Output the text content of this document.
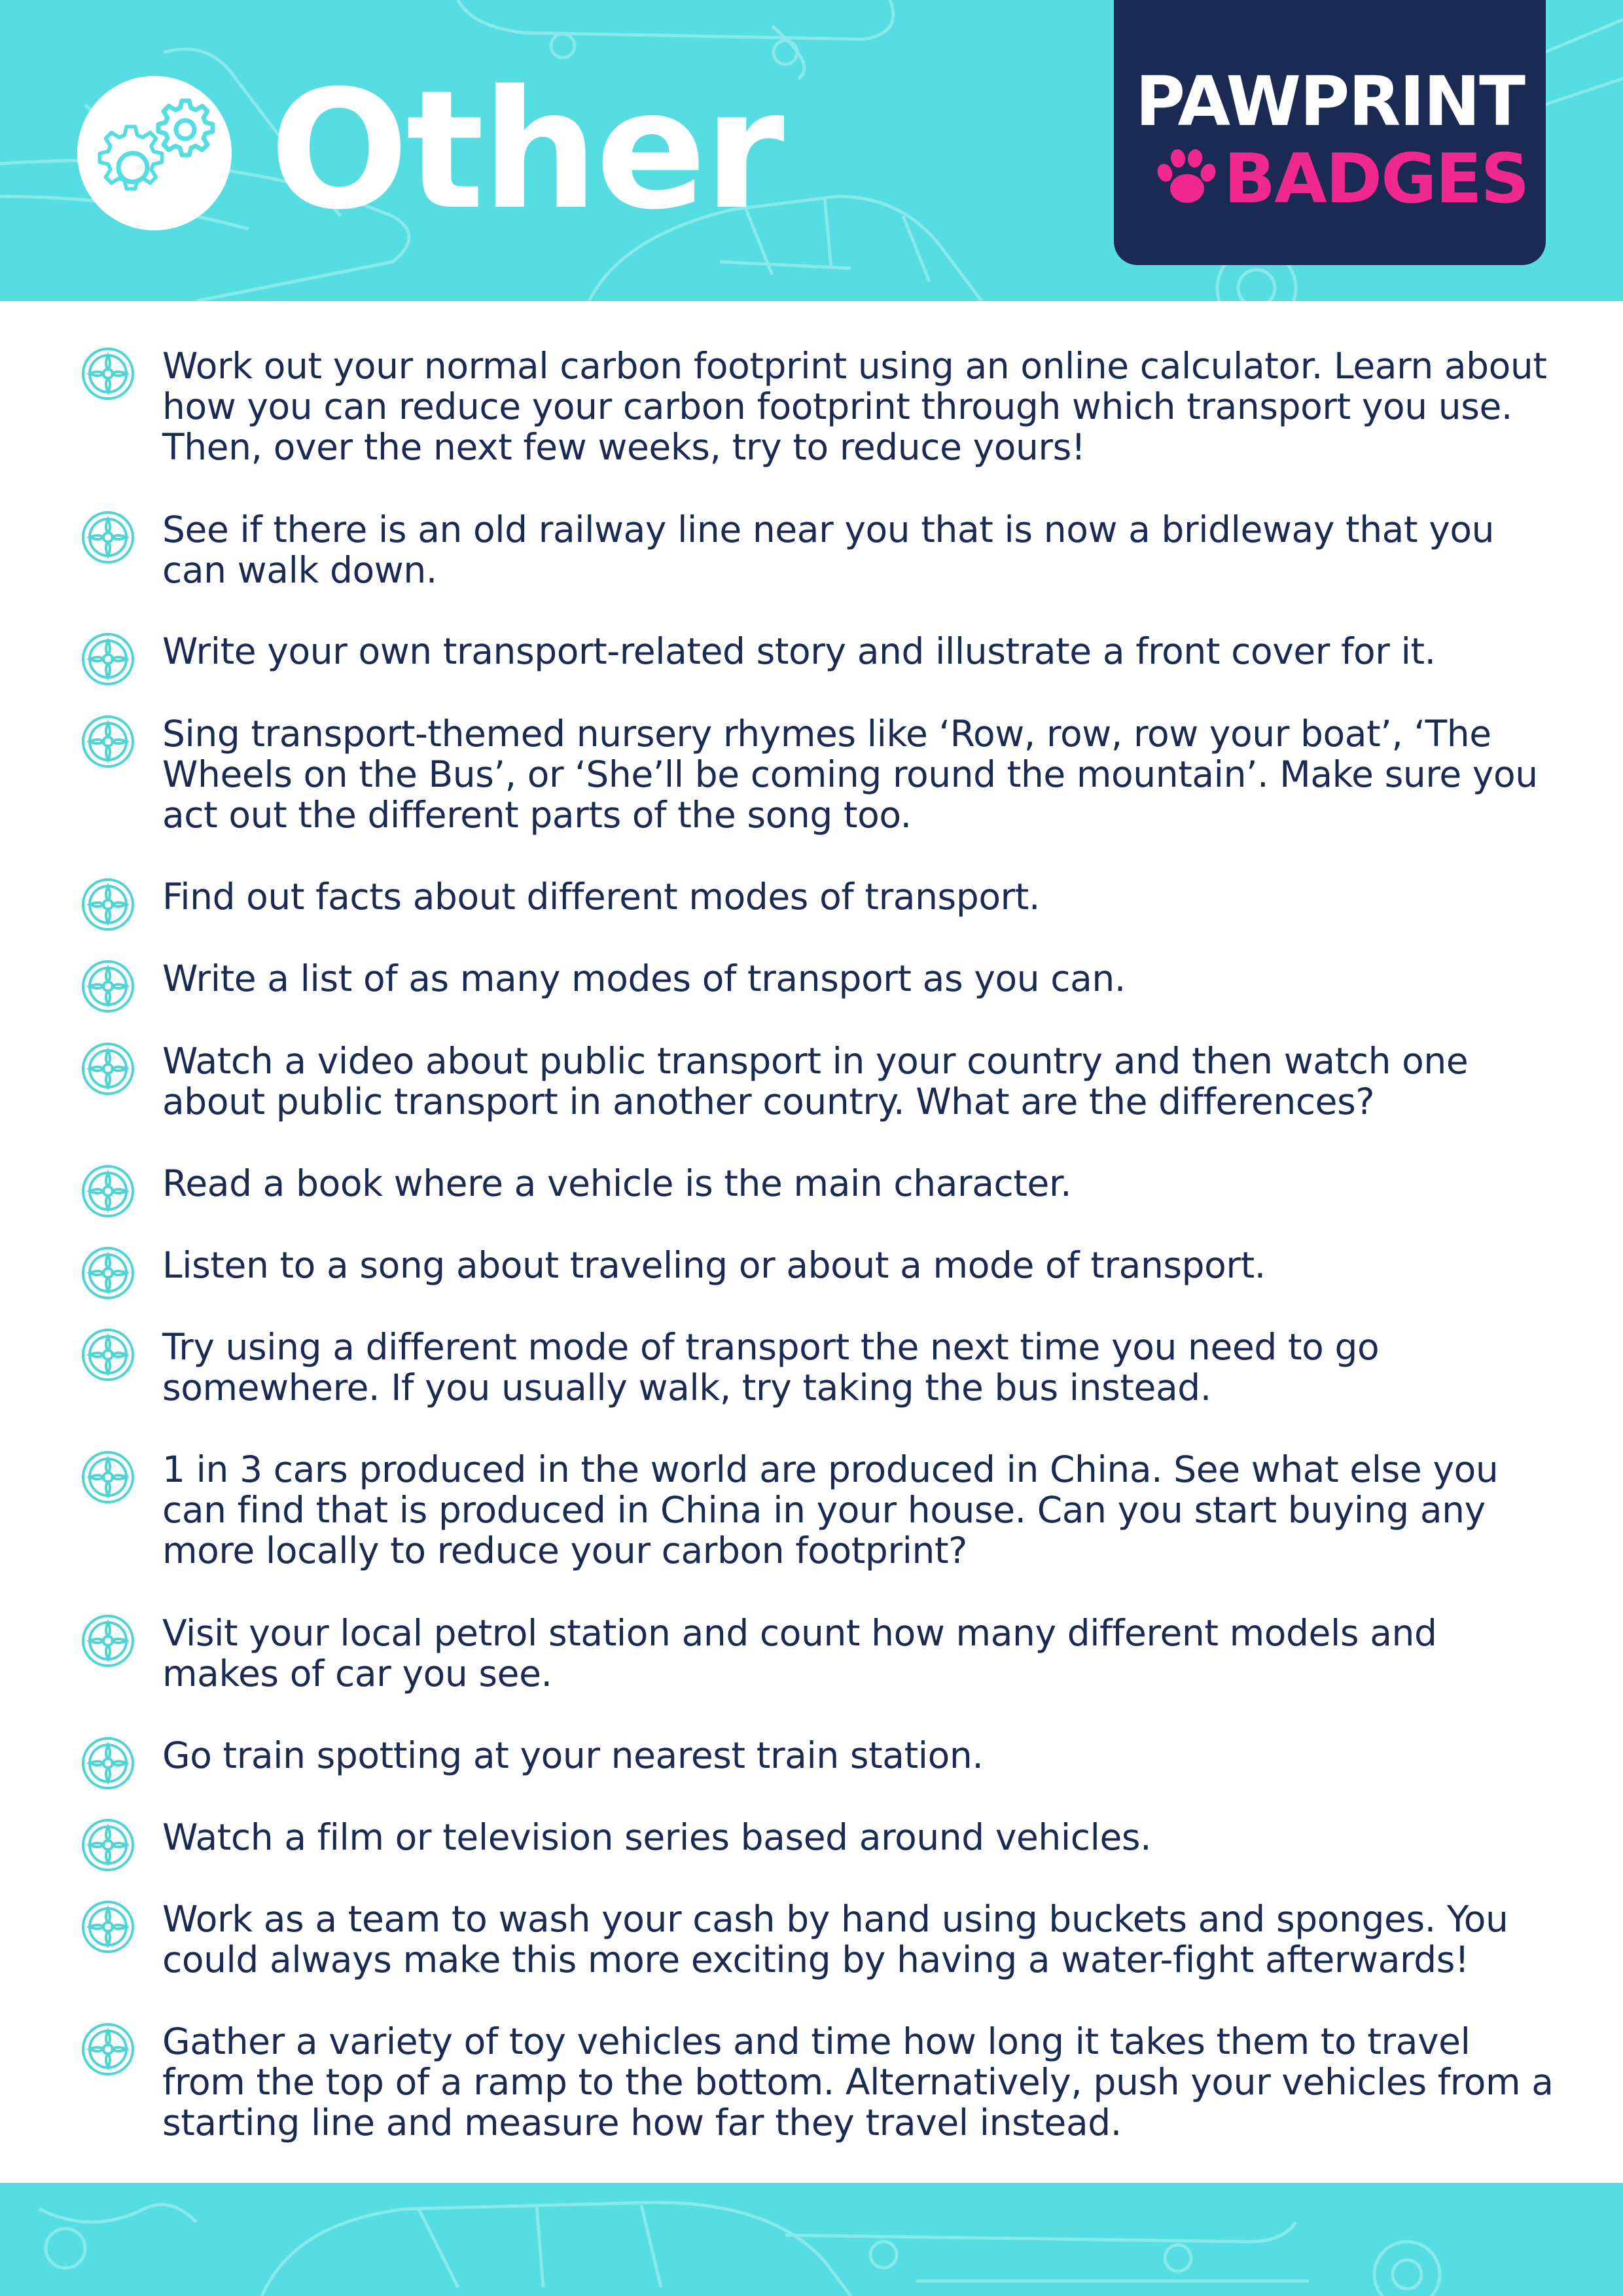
Other	PAWPRINT
BADGES

Work out your normal carbon footprint using an online calculator. Learn about how you can reduce your carbon footprint through which transport you use. Then, over the next few weeks, try to reduce yours!

See if there is an old railway line near you that is now a bridleway that you can walk down.

Write your own transport-related story and illustrate a front cover for it.

Sing transport-themed nursery rhymes like ‘Row, row, row your boat’, ‘The Wheels on the Bus’, or ‘She’ll be coming round the mountain’. Make sure you act out the different parts of the song too.

Find out facts about different modes of transport.

Write a list of as many modes of transport as you can.

Watch a video about public transport in your country and then watch one about public transport in another country. What are the differences?

Read a book where a vehicle is the main character.

Listen to a song about traveling or about a mode of transport.

Try using a different mode of transport the next time you need to go somewhere. If you usually walk, try taking the bus instead.

1 in 3 cars produced in the world are produced in China. See what else you can find that is produced in China in your house. Can you start buying any more locally to reduce your carbon footprint?

Visit your local petrol station and count how many different models and makes of car you see.

Go train spotting at your nearest train station.

Watch a film or television series based around vehicles.

Work as a team to wash your cash by hand using buckets and sponges. You could always make this more exciting by having a water-fight afterwards!

Gather a variety of toy vehicles and time how long it takes them to travel from the top of a ramp to the bottom. Alternatively, push your vehicles from a starting line and measure how far they travel instead.
